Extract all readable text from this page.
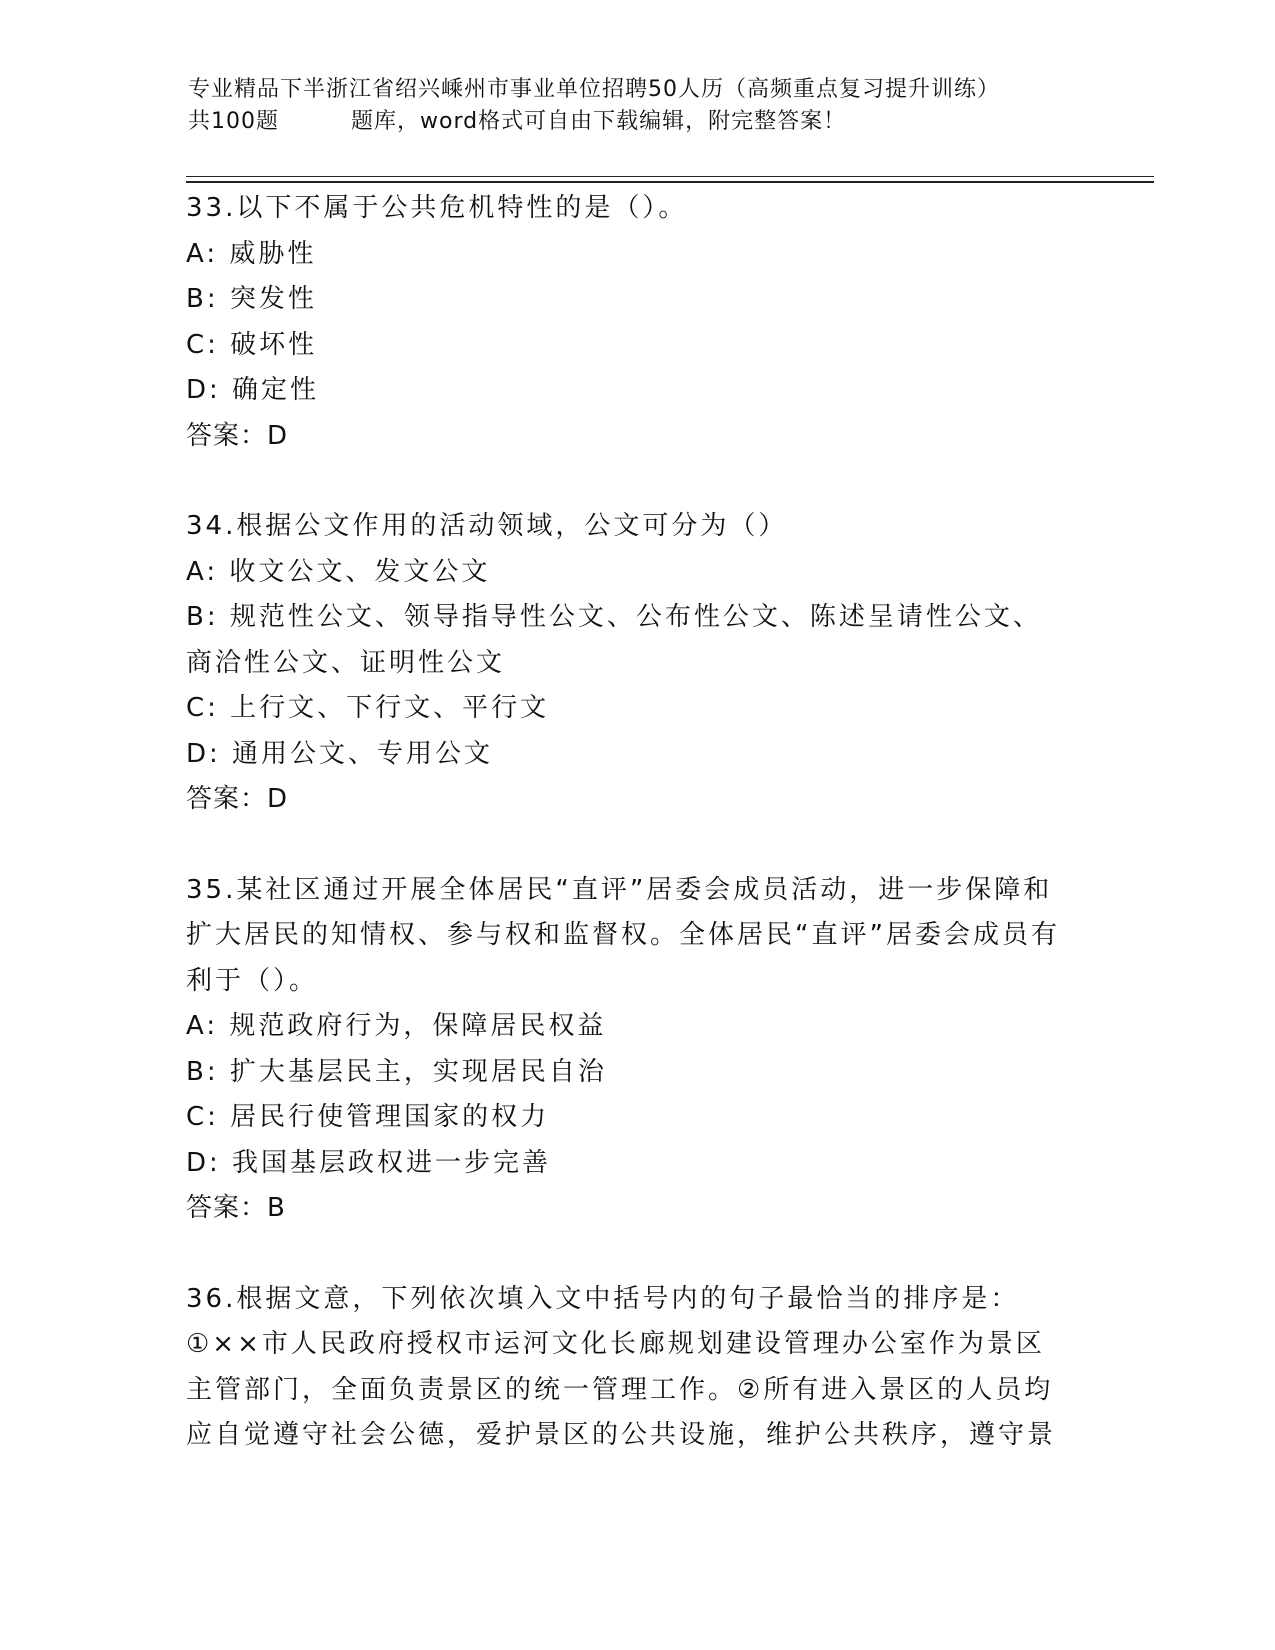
专业精品下半浙江省绍兴嵊州市事业单位招聘50人历（高频重点复习提升训练）
共100题	题库，word格式可自由下载编辑，附完整答案！

33.以下不属于公共危机特性的是（）。

A: 威胁性

B: 突发性

C: 破坏性

D: 确定性

答案：D

34.根据公文作用的活动领域，公文可分为（）

A: 收文公文、发文公文

B: 规范性公文、领导指导性公文、公布性公文、陈述呈请性公文、商洽性公文、证明性公文

C: 上行文、下行文、平行文

D: 通用公文、专用公文

答案：D

35.某社区通过开展全体居民“直评”居委会成员活动，进一步保障和扩大居民的知情权、参与权和监督权。全体居民“直评”居委会成员有利于（）。

A: 规范政府行为，保障居民权益

B: 扩大基层民主，实现居民自治

C: 居民行使管理国家的权力

D: 我国基层政权进一步完善

答案：B

36.根据文意，下列依次填入文中括号内的句子最恰当的排序是：

①××市人民政府授权市运河文化长廊规划建设管理办公室作为景区主管部门，全面负责景区的统一管理工作。②所有进入景区的人员均应自觉遵守社会公德，爱护景区的公共设施，维护公共秩序，遵守景
